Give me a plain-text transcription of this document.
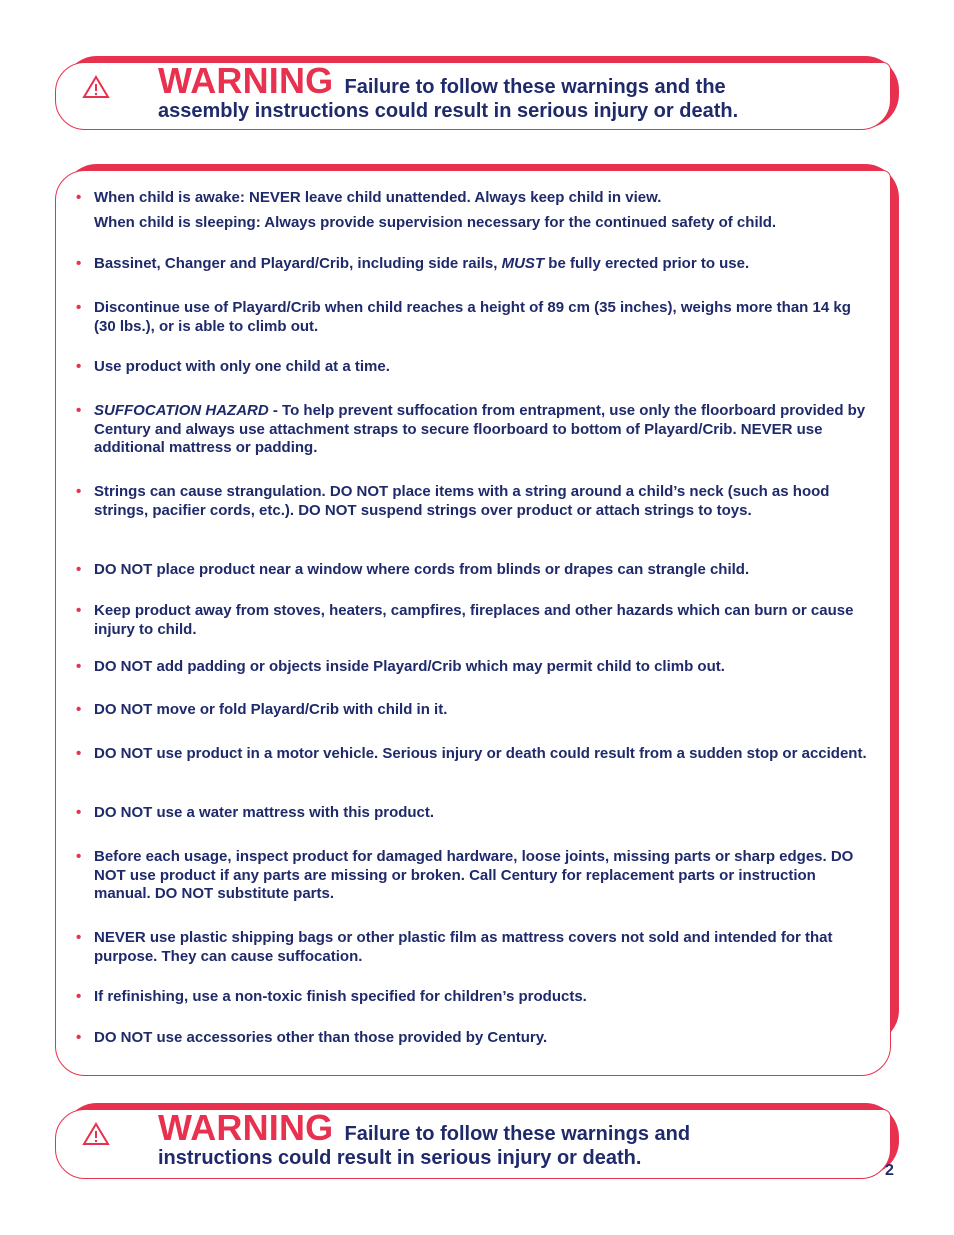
WARNING Failure to follow these warnings and the
assembly instructions could result in serious injury or death.
• When child is awake: NEVER leave child unattended. Always keep child in view.
When child is sleeping: Always provide supervision necessary for the continued safety of child.
• Bassinet, Changer and Playard/Crib, including side rails, MUST be fully erected prior to use.
• Discontinue use of Playard/Crib when child reaches a height of 89 cm (35 inches), weighs more than 14 kg (30 lbs.), or is able to climb out.
• Use product with only one child at a time.
• SUFFOCATION HAZARD - To help prevent suffocation from entrapment, use only the floorboard provided by Century and always use attachment straps to secure floorboard to bottom of Playard/Crib. NEVER use additional mattress or padding.
• Strings can cause strangulation. DO NOT place items with a string around a child’s neck (such as hood strings, pacifier cords, etc.). DO NOT suspend strings over product or attach strings to toys.
• DO NOT place product near a window where cords from blinds or drapes can strangle child.
• Keep product away from stoves, heaters, campfires, fireplaces and other hazards which can burn or cause injury to child.
• DO NOT add padding or objects inside Playard/Crib which may permit child to climb out.
• DO NOT move or fold Playard/Crib with child in it.
• DO NOT use product in a motor vehicle. Serious injury or death could result from a sudden stop or accident.
• DO NOT use a water mattress with this product.
• Before each usage, inspect product for damaged hardware, loose joints, missing parts or sharp edges. DO NOT use product if any parts are missing or broken. Call Century for replacement parts or instruction manual. DO NOT substitute parts.
• NEVER use plastic shipping bags or other plastic film as mattress covers not sold and intended for that purpose. They can cause suffocation.
• If refinishing, use a non-toxic finish specified for children’s products.
• DO NOT use accessories other than those provided by Century.
WARNING Failure to follow these warnings and
instructions could result in serious injury or death.
2
